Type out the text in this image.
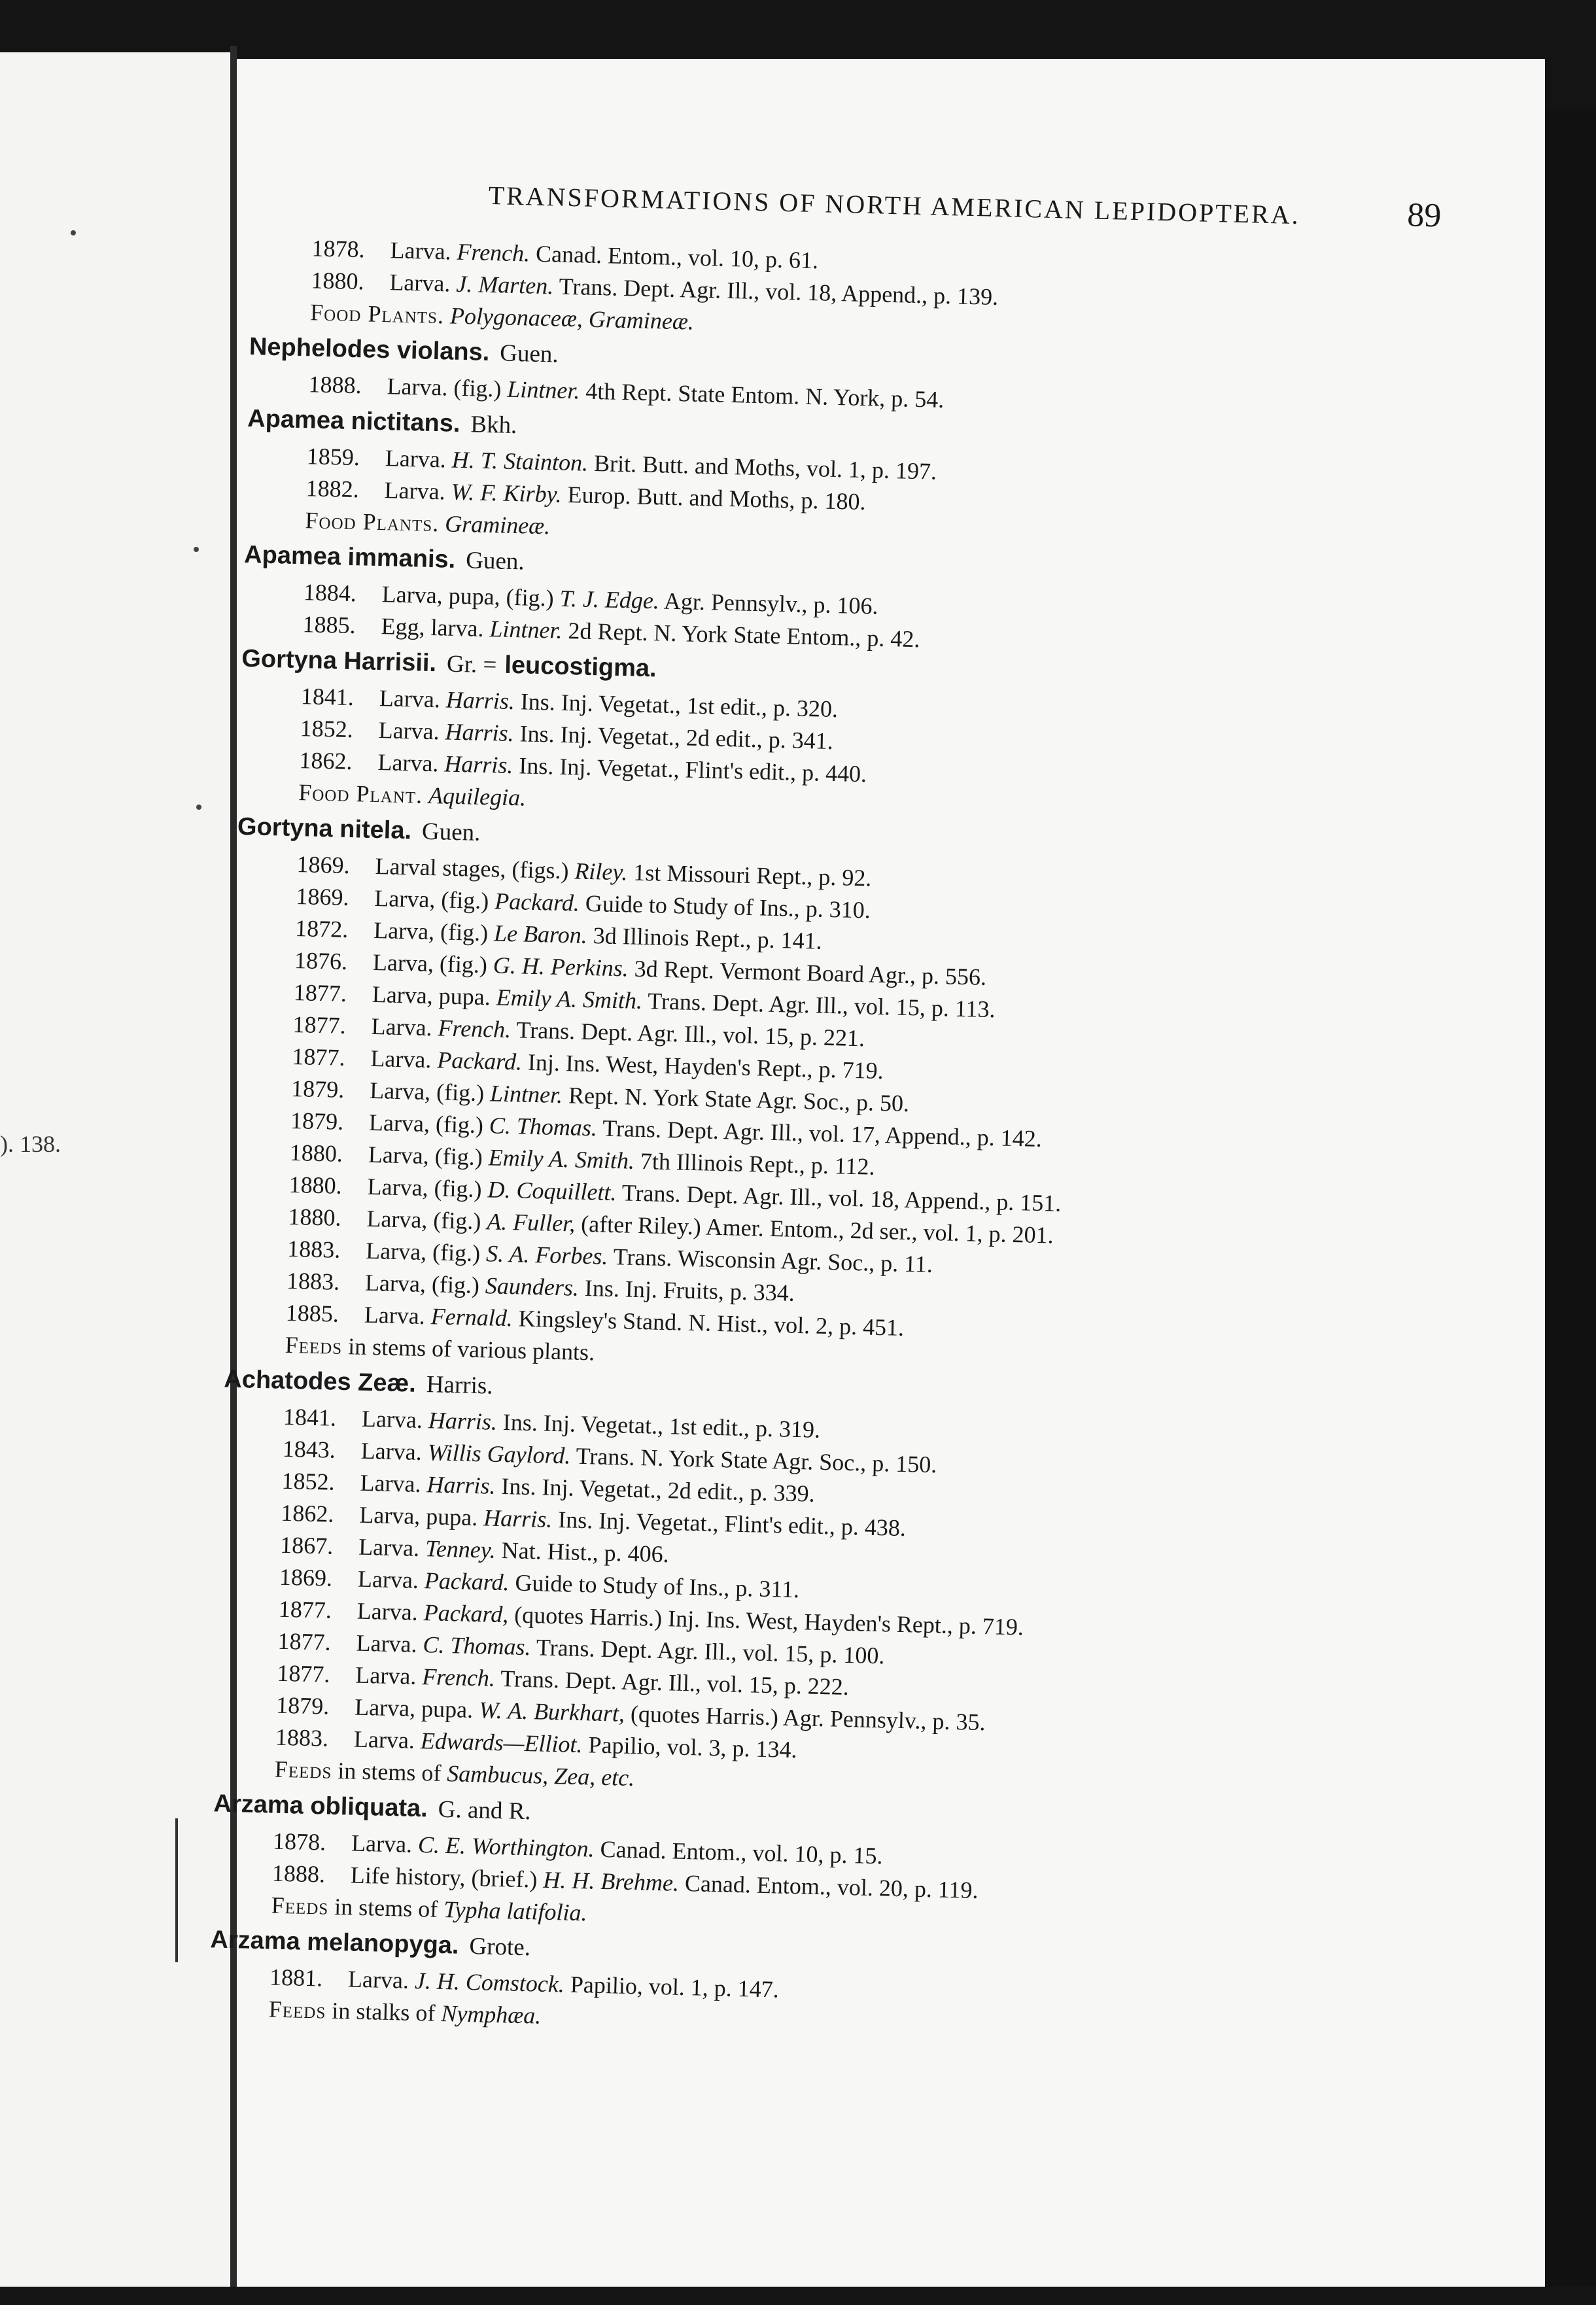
). 138.
TRANSFORMATIONS OF NORTH AMERICAN LEPIDOPTERA.	89
1878. Larva. French. Canad. Entom., vol. 10, p. 61.
1880. Larva. J. Marten. Trans. Dept. Agr. Ill., vol. 18, Append., p. 139.
Food Plants. Polygonaceæ, Gramineæ.
Nephelodes violans. Guen.
1888. Larva. (fig.) Lintner. 4th Rept. State Entom. N. York, p. 54.
Apamea nictitans. Bkh.
1859. Larva. H. T. Stainton. Brit. Butt. and Moths, vol. 1, p. 197.
1882. Larva. W. F. Kirby. Europ. Butt. and Moths, p. 180.
Food Plants. Gramineæ.
Apamea immanis. Guen.
1884. Larva, pupa, (fig.) T. J. Edge. Agr. Pennsylv., p. 106.
1885. Egg, larva. Lintner. 2d Rept. N. York State Entom., p. 42.
Gortyna Harrisii. Gr. = leucostigma.
1841. Larva. Harris. Ins. Inj. Vegetat., 1st edit., p. 320.
1852. Larva. Harris. Ins. Inj. Vegetat., 2d edit., p. 341.
1862. Larva. Harris. Ins. Inj. Vegetat., Flint's edit., p. 440.
Food Plant. Aquilegia.
Gortyna nitela. Guen.
1869. Larval stages, (figs.) Riley. 1st Missouri Rept., p. 92.
1869. Larva, (fig.) Packard. Guide to Study of Ins., p. 310.
1872. Larva, (fig.) Le Baron. 3d Illinois Rept., p. 141.
1876. Larva, (fig.) G. H. Perkins. 3d Rept. Vermont Board Agr., p. 556.
1877. Larva, pupa. Emily A. Smith. Trans. Dept. Agr. Ill., vol. 15, p. 113.
1877. Larva. French. Trans. Dept. Agr. Ill., vol. 15, p. 221.
1877. Larva. Packard. Inj. Ins. West, Hayden's Rept., p. 719.
1879. Larva, (fig.) Lintner. Rept. N. York State Agr. Soc., p. 50.
1879. Larva, (fig.) C. Thomas. Trans. Dept. Agr. Ill., vol. 17, Append., p. 142.
1880. Larva, (fig.) Emily A. Smith. 7th Illinois Rept., p. 112.
1880. Larva, (fig.) D. Coquillett. Trans. Dept. Agr. Ill., vol. 18, Append., p. 151.
1880. Larva, (fig.) A. Fuller, (after Riley.) Amer. Entom., 2d ser., vol. 1, p. 201.
1883. Larva, (fig.) S. A. Forbes. Trans. Wisconsin Agr. Soc., p. 11.
1883. Larva, (fig.) Saunders. Ins. Inj. Fruits, p. 334.
1885. Larva. Fernald. Kingsley's Stand. N. Hist., vol. 2, p. 451.
Feeds in stems of various plants.
Achatodes Zeæ. Harris.
1841. Larva. Harris. Ins. Inj. Vegetat., 1st edit., p. 319.
1843. Larva. Willis Gaylord. Trans. N. York State Agr. Soc., p. 150.
1852. Larva. Harris. Ins. Inj. Vegetat., 2d edit., p. 339.
1862. Larva, pupa. Harris. Ins. Inj. Vegetat., Flint's edit., p. 438.
1867. Larva. Tenney. Nat. Hist., p. 406.
1869. Larva. Packard. Guide to Study of Ins., p. 311.
1877. Larva. Packard, (quotes Harris.) Inj. Ins. West, Hayden's Rept., p. 719.
1877. Larva. C. Thomas. Trans. Dept. Agr. Ill., vol. 15, p. 100.
1877. Larva. French. Trans. Dept. Agr. Ill., vol. 15, p. 222.
1879. Larva, pupa. W. A. Burkhart, (quotes Harris.) Agr. Pennsylv., p. 35.
1883. Larva. Edwards—Elliot. Papilio, vol. 3, p. 134.
Feeds in stems of Sambucus, Zea, etc.
Arzama obliquata. G. and R.
1878. Larva. C. E. Worthington. Canad. Entom., vol. 10, p. 15.
1888. Life history, (brief.) H. H. Brehme. Canad. Entom., vol. 20, p. 119.
Feeds in stems of Typha latifolia.
Arzama melanopyga. Grote.
1881. Larva. J. H. Comstock. Papilio, vol. 1, p. 147.
Feeds in stalks of Nymphæa.
